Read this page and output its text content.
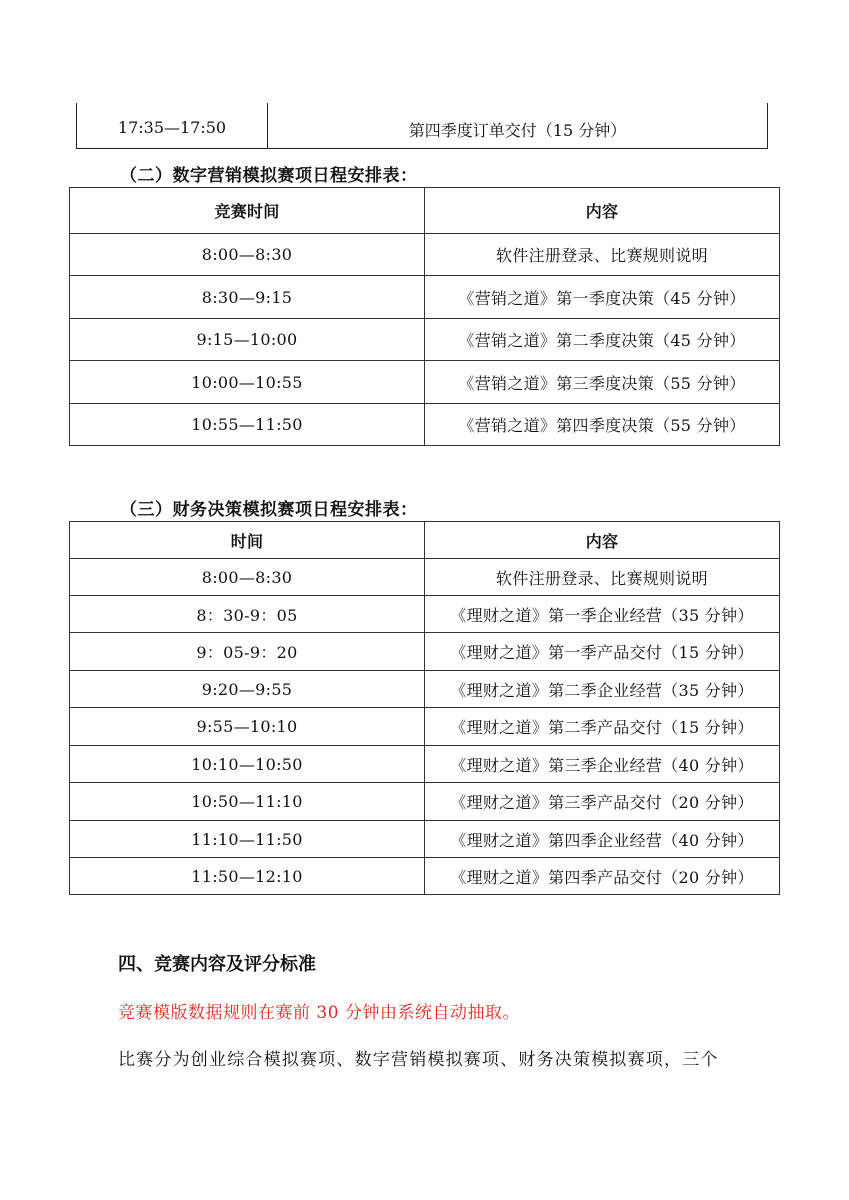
17:35—17:50	第四季度订单交付（15 分钟）
（二）数字营销模拟赛项日程安排表：
竞赛时间	内容
8:00—8:30	软件注册登录、比赛规则说明
8:30—9:15	《营销之道》第一季度决策（45 分钟）
9:15—10:00	《营销之道》第二季度决策（45 分钟）
10:00—10:55	《营销之道》第三季度决策（55 分钟）
10:55—11:50	《营销之道》第四季度决策（55 分钟）
（三）财务决策模拟赛项日程安排表：
时间	内容
8:00—8:30	软件注册登录、比赛规则说明
8：30-9：05	《理财之道》第一季企业经营（35 分钟）
9：05-9：20	《理财之道》第一季产品交付（15 分钟）
9:20—9:55	《理财之道》第二季企业经营（35 分钟）
9:55—10:10	《理财之道》第二季产品交付（15 分钟）
10:10—10:50	《理财之道》第三季企业经营（40 分钟）
10:50—11:10	《理财之道》第三季产品交付（20 分钟）
11:10—11:50	《理财之道》第四季企业经营（40 分钟）
11:50—12:10	《理财之道》第四季产品交付（20 分钟）
四、竞赛内容及评分标准
竞赛模版数据规则在赛前 30 分钟由系统自动抽取。
比赛分为创业综合模拟赛项、数字营销模拟赛项、财务决策模拟赛项，三个
